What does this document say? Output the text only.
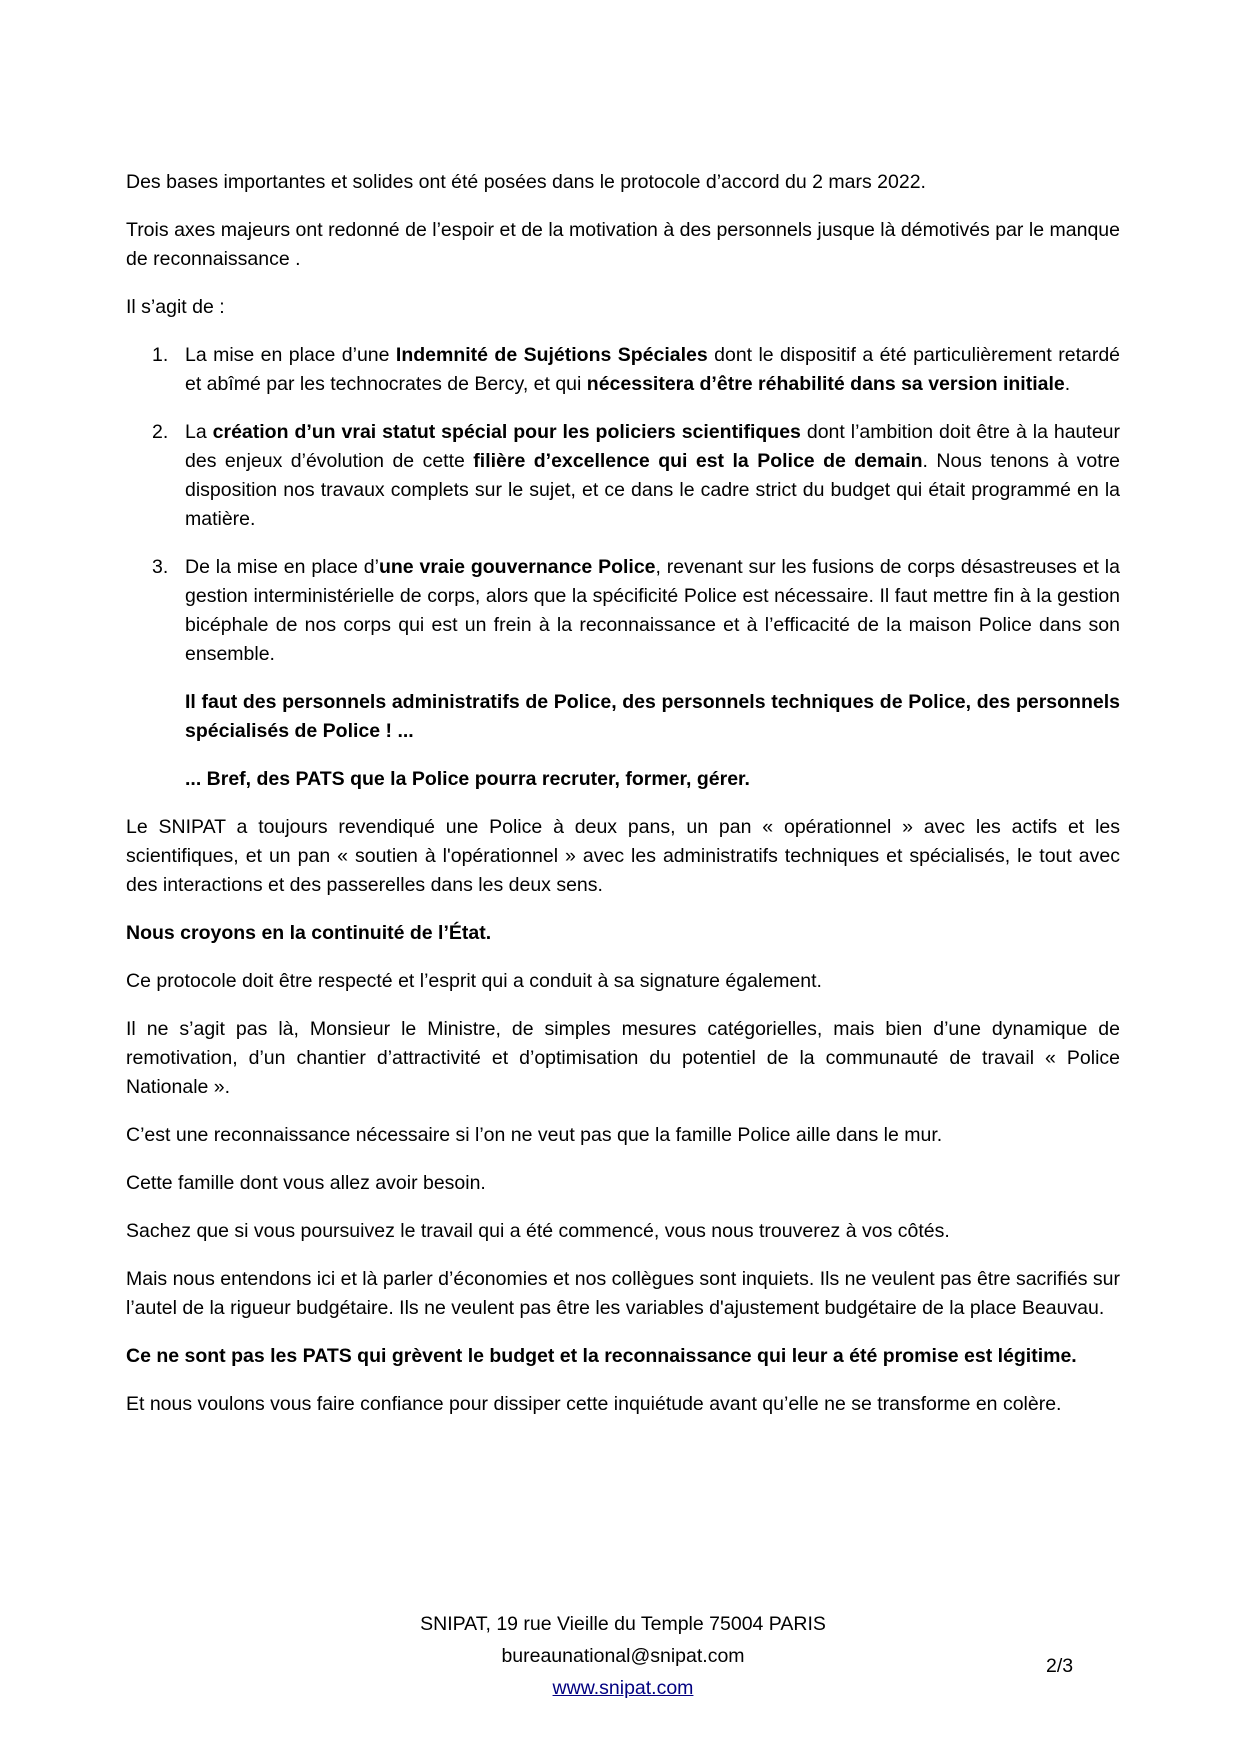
Des bases importantes et solides ont été posées dans le protocole d’accord du 2 mars 2022.

Trois axes majeurs ont redonné de l’espoir et de la motivation à des personnels jusque là démotivés par le manque de reconnaissance .

Il s’agit de :

1. La mise en place d’une Indemnité de Sujétions Spéciales dont le dispositif a été particulièrement retardé et abîmé par les technocrates de Bercy, et qui nécessitera d’être réhabilité dans sa version initiale.

2. La création d’un vrai statut spécial pour les policiers scientifiques dont l’ambition doit être à la hauteur des enjeux d’évolution de cette filière d’excellence qui est la Police de demain. Nous tenons à votre disposition nos travaux complets sur le sujet, et ce dans le cadre strict du budget qui était programmé en la matière.

3. De la mise en place d’une vraie gouvernance Police, revenant sur les fusions de corps désastreuses et la gestion interministérielle de corps, alors que la spécificité Police est nécessaire. Il faut mettre fin à la gestion bicéphale de nos corps qui est un frein à la reconnaissance et à l’efficacité de la maison Police dans son ensemble.

Il faut des personnels administratifs de Police, des personnels techniques de Police, des personnels spécialisés de Police ! ...

... Bref, des PATS que la Police pourra recruter, former, gérer.

Le SNIPAT a toujours revendiqué une Police à deux pans, un pan « opérationnel » avec les actifs et les scientifiques, et un pan « soutien à l'opérationnel » avec les administratifs techniques et spécialisés, le tout avec des interactions et des passerelles dans les deux sens.

Nous croyons en la continuité de l’État.

Ce protocole doit être respecté et l’esprit qui a conduit à sa signature également.

Il ne s’agit pas là, Monsieur le Ministre, de simples mesures catégorielles, mais bien d’une dynamique de remotivation, d’un chantier d’attractivité et d’optimisation du potentiel de la communauté de travail « Police Nationale ».

C’est une reconnaissance nécessaire si l’on ne veut pas que la famille Police aille dans le mur.

Cette famille dont vous allez avoir besoin.

Sachez que si vous poursuivez le travail qui a été commencé, vous nous trouverez à vos côtés.

Mais nous entendons ici et là parler d’économies et nos collègues sont inquiets. Ils ne veulent pas être sacrifiés sur l’autel de la rigueur budgétaire. Ils ne veulent pas être les variables d'ajustement budgétaire de la place Beauvau.

Ce ne sont pas les PATS qui grèvent le budget et la reconnaissance qui leur a été promise est légitime.

Et nous voulons vous faire confiance pour dissiper cette inquiétude avant qu’elle ne se transforme en colère.

SNIPAT, 19 rue Vieille du Temple 75004 PARIS
bureaunational@snipat.com
www.snipat.com
2/3
